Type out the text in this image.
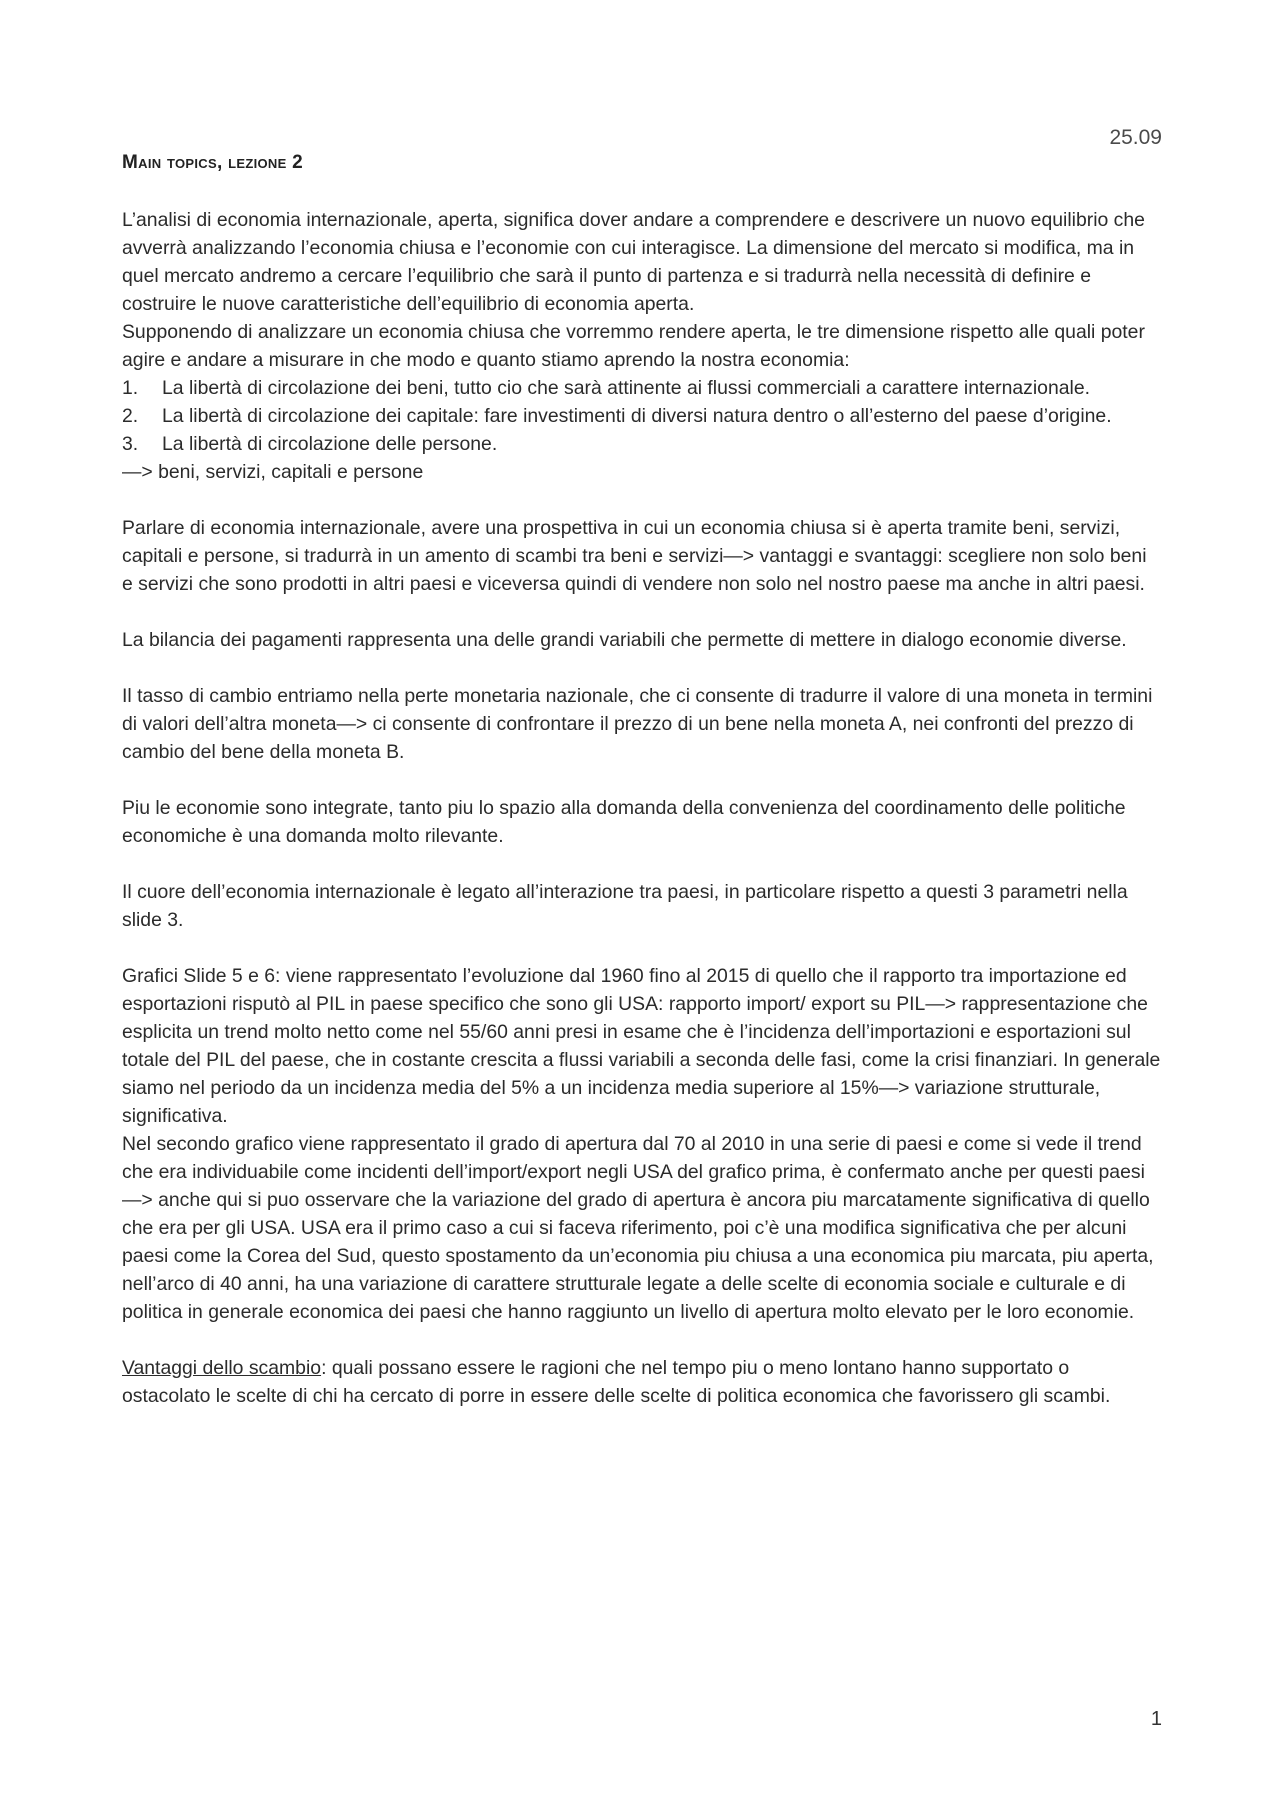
25.09
Main topics, lezione 2

L’analisi di economia internazionale, aperta, significa dover andare a comprendere e descrivere un nuovo equilibrio che avverrà analizzando l’economia chiusa e l’economie con cui interagisce. La dimensione del mercato si modifica, ma in quel mercato andremo a cercare l’equilibrio che sarà il punto di partenza e si tradurrà nella necessità di definire e costruire le nuove caratteristiche dell’equilibrio di economia aperta.

Supponendo di analizzare un economia chiusa che vorremmo rendere aperta, le tre dimensione rispetto alle quali poter agire e andare a misurare in che modo e quanto stiamo aprendo la nostra economia:

1.	La libertà di circolazione dei beni, tutto cio che sarà attinente ai flussi commerciali a carattere internazionale.
2.	La libertà di circolazione dei capitale: fare investimenti di diversi natura dentro o all’esterno del paese d’origine.
3.	La libertà di circolazione delle persone.

—> beni, servizi, capitali e persone

Parlare di economia internazionale, avere una prospettiva in cui un economia chiusa si è aperta tramite beni, servizi, capitali e persone, si tradurrà in un amento di scambi tra beni e servizi—> vantaggi e svantaggi: scegliere non solo beni e servizi che sono prodotti in altri paesi e viceversa quindi di vendere non solo nel nostro paese ma anche in altri paesi.

La bilancia dei pagamenti rappresenta una delle grandi variabili che permette di mettere in dialogo economie diverse.

Il tasso di cambio entriamo nella perte monetaria nazionale, che ci consente di tradurre il valore di una moneta in termini di valori dell’altra moneta—> ci consente di confrontare il prezzo di un bene nella moneta A, nei confronti del prezzo di cambio del bene della moneta B.

Piu le economie sono integrate, tanto piu lo spazio alla domanda della convenienza del coordinamento delle politiche economiche è una domanda molto rilevante.

Il cuore dell’economia internazionale è legato all’interazione tra paesi, in particolare rispetto a questi 3 parametri nella slide 3.

Grafici Slide 5 e 6: viene rappresentato l’evoluzione dal 1960 fino al 2015 di quello che il rapporto tra importazione ed esportazioni risputò al PIL in paese specifico che sono gli USA: rapporto import/ export su PIL—> rappresentazione che esplicita un trend molto netto come nel 55/60 anni presi in esame che è l’incidenza dell’importazioni e esportazioni sul totale del PIL del paese, che in costante crescita a flussi variabili a seconda delle fasi, come la crisi finanziari. In generale siamo nel periodo da un incidenza media del 5% a un incidenza media superiore al 15%—> variazione strutturale, significativa.

Nel secondo grafico viene rappresentato il grado di apertura dal 70 al 2010 in una serie di paesi e come si vede il trend che era individuabile come incidenti dell’import/export negli USA del grafico prima, è confermato anche per questi paesi—> anche qui si puo osservare che la variazione del grado di apertura è ancora piu marcatamente significativa di quello che era per gli USA. USA era il primo caso a cui si faceva riferimento, poi c’è una modifica significativa che per alcuni paesi come la Corea del Sud, questo spostamento da un’economia piu chiusa a una economica piu marcata, piu aperta, nell’arco di 40 anni, ha una variazione di carattere strutturale legate a delle scelte di economia sociale e culturale e di politica in generale economica dei paesi che hanno raggiunto un livello di apertura molto elevato per le loro economie.

Vantaggi dello scambio: quali possano essere le ragioni che nel tempo piu o meno lontano hanno supportato o ostacolato le scelte di chi ha cercato di porre in essere delle scelte di politica economica che favorissero gli scambi.

1
